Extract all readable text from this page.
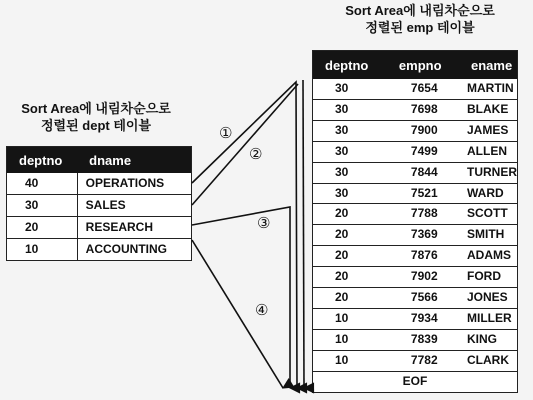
Sort Area에 내림차순으로
정렬된 emp 테이블
Sort Area에 내림차순으로
정렬된 dept 테이블
deptno	dname
40	OPERATIONS
30	SALES
20	RESEARCH
10	ACCOUNTING
deptno	empno	ename
30	7654	MARTIN
30	7698	BLAKE
30	7900	JAMES
30	7499	ALLEN
30	7844	TURNER
30	7521	WARD
20	7788	SCOTT
20	7369	SMITH
20	7876	ADAMS
20	7902	FORD
20	7566	JONES
10	7934	MILLER
10	7839	KING
10	7782	CLARK
EOF		
①
②
③
④
